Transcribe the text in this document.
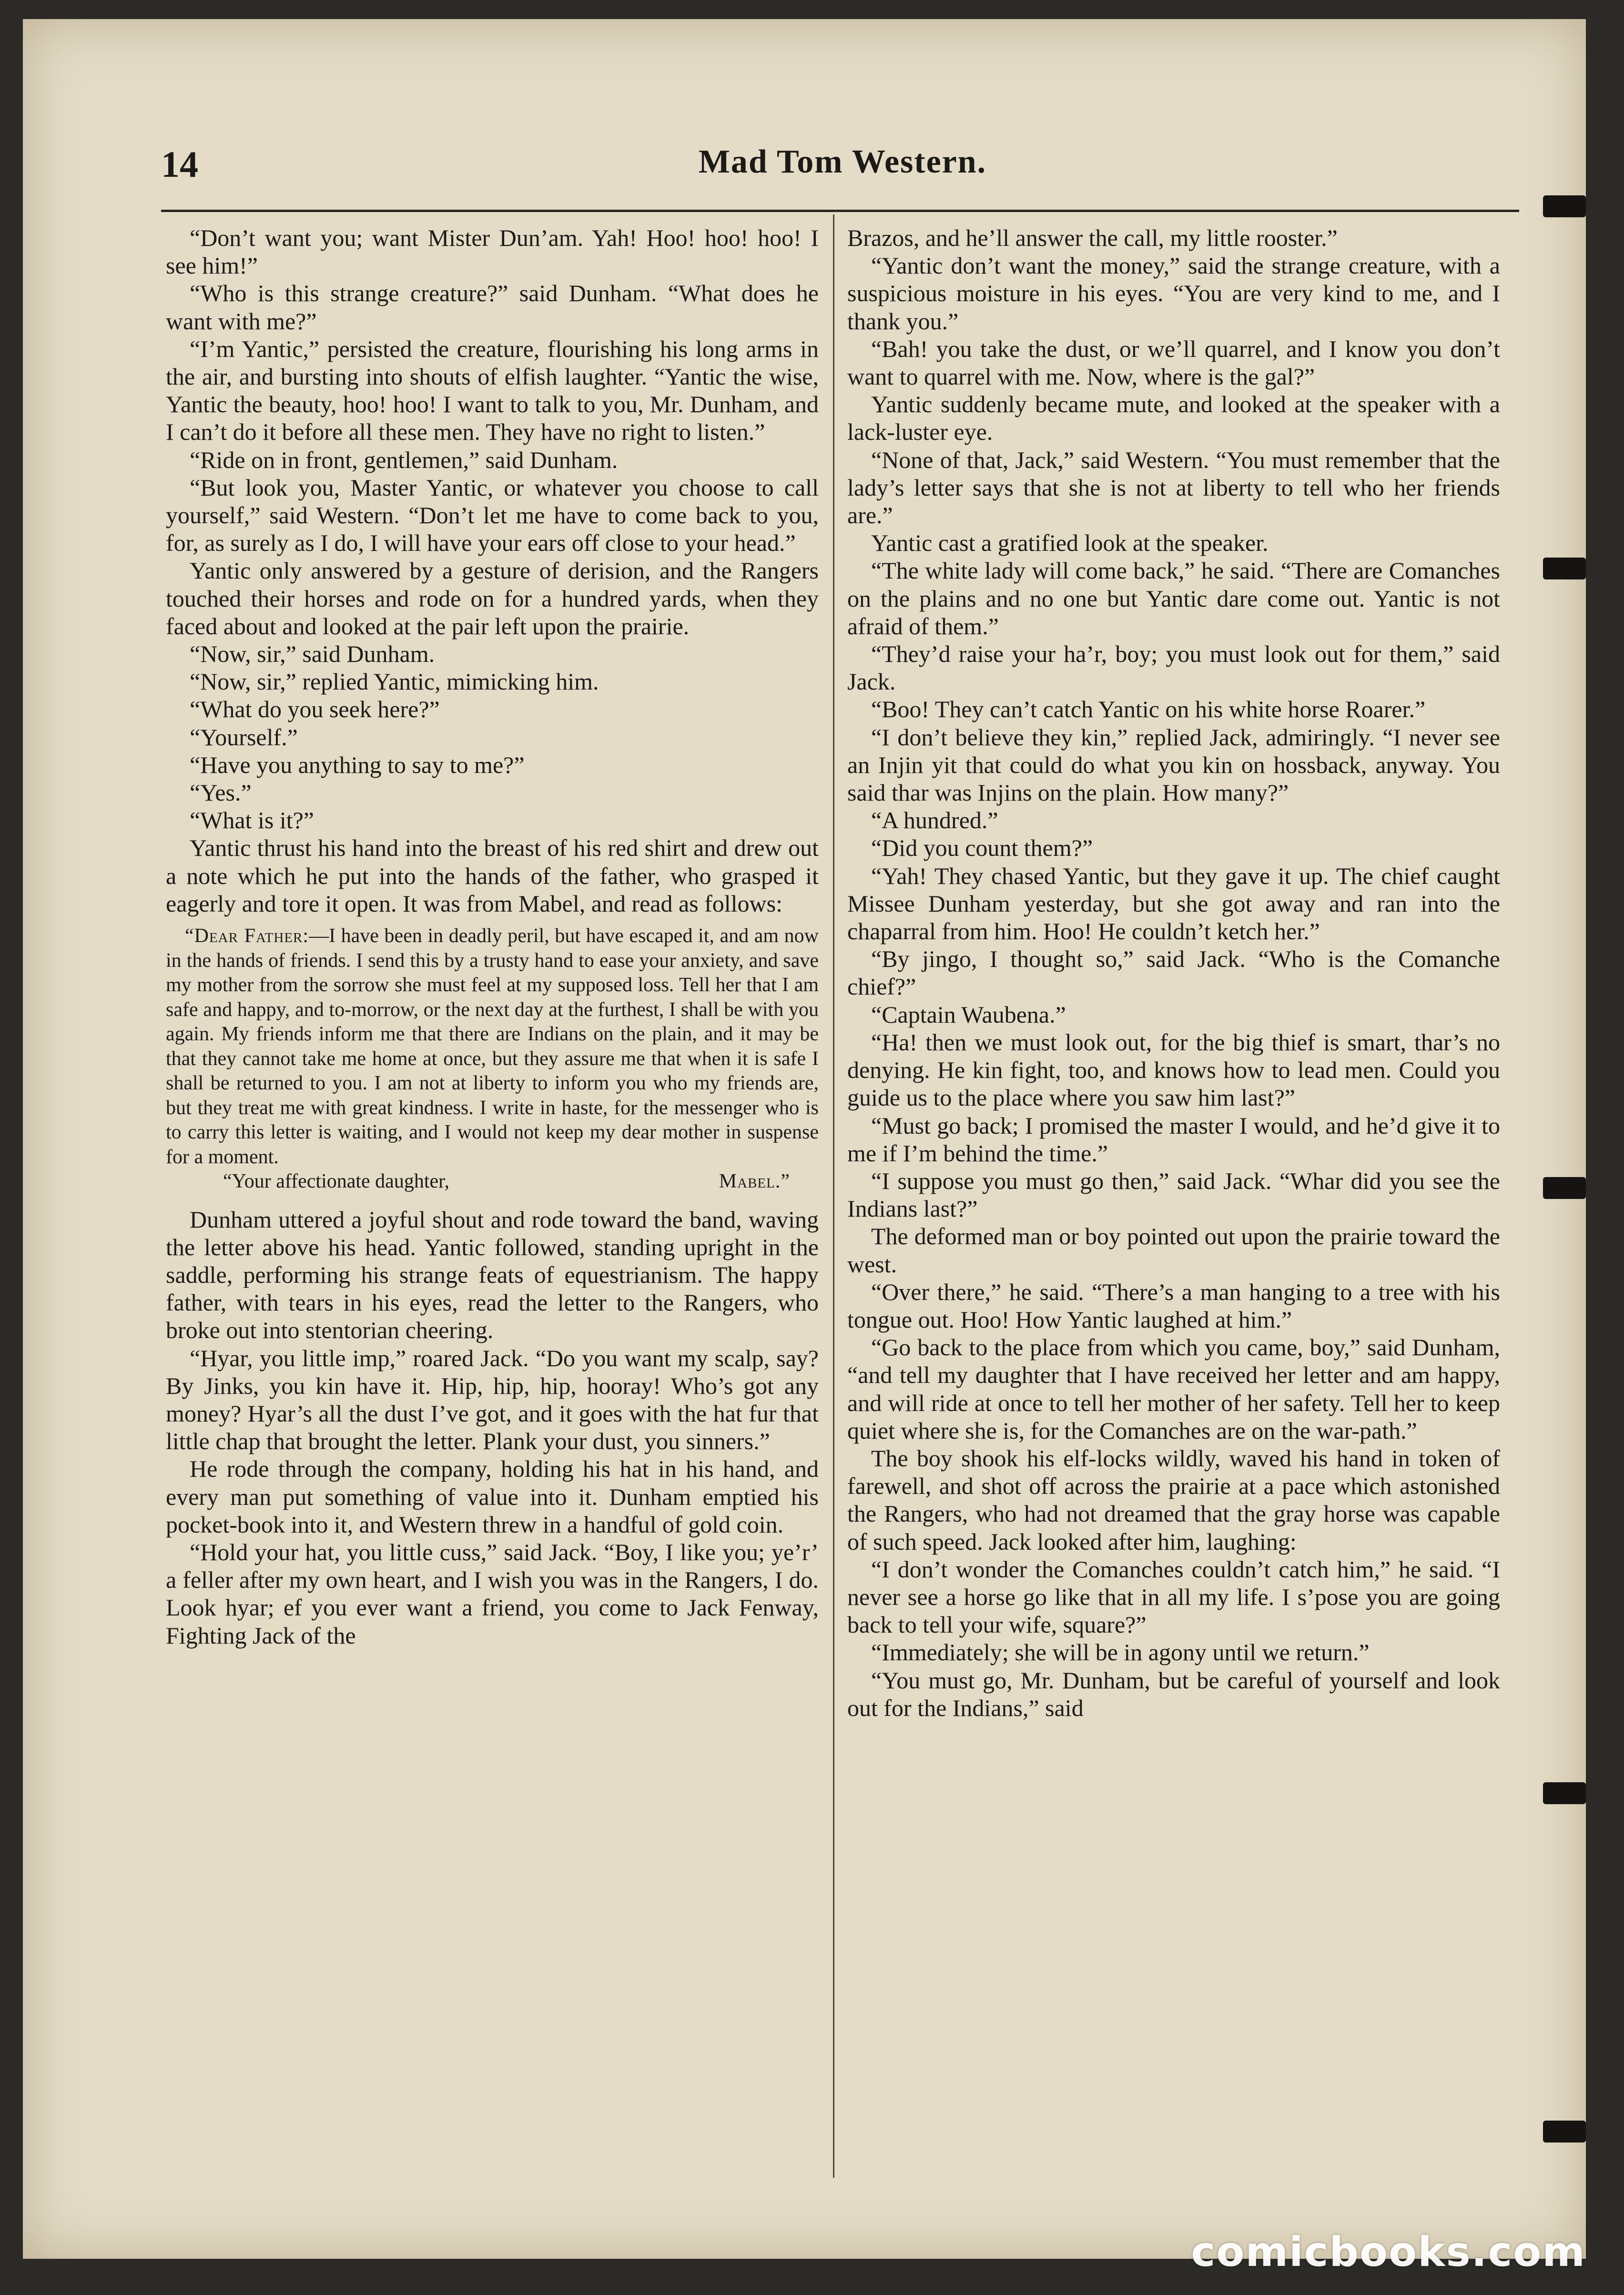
14	Mad Tom Western.

“Don’t want you; want Mister Dun’am. Yah! Hoo! hoo! hoo! I see him!”

“Who is this strange creature?” said Dunham. “What does he want with me?”

“I’m Yantic,” persisted the creature, flourishing his long arms in the air, and bursting into shouts of elfish laughter. “Yantic the wise, Yantic the beauty, hoo! hoo! I want to talk to you, Mr. Dunham, and I can’t do it before all these men. They have no right to listen.”

“Ride on in front, gentlemen,” said Dunham.

“But look you, Master Yantic, or whatever you choose to call yourself,” said Western. “Don’t let me have to come back to you, for, as surely as I do, I will have your ears off close to your head.”

Yantic only answered by a gesture of derision, and the Rangers touched their horses and rode on for a hundred yards, when they faced about and looked at the pair left upon the prairie.

“Now, sir,” said Dunham.

“Now, sir,” replied Yantic, mimicking him.

“What do you seek here?”

“Yourself.”

“Have you anything to say to me?”

“Yes.”

“What is it?”

Yantic thrust his hand into the breast of his red shirt and drew out a note which he put into the hands of the father, who grasped it eagerly and tore it open. It was from Mabel, and read as follows:

“Dear Father:—I have been in deadly peril, but have escaped it, and am now in the hands of friends. I send this by a trusty hand to ease your anxiety, and save my mother from the sorrow she must feel at my supposed loss. Tell her that I am safe and happy, and to-morrow, or the next day at the furthest, I shall be with you again. My friends inform me that there are Indians on the plain, and it may be that they cannot take me home at once, but they assure me that when it is safe I shall be returned to you. I am not at liberty to inform you who my friends are, but they treat me with great kindness. I write in haste, for the messenger who is to carry this letter is waiting, and I would not keep my dear mother in suspense for a moment.

“Your affectionate daughter,	Mabel.”

Dunham uttered a joyful shout and rode toward the band, waving the letter above his head. Yantic followed, standing upright in the saddle, performing his strange feats of equestrianism. The happy father, with tears in his eyes, read the letter to the Rangers, who broke out into stentorian cheering.

“Hyar, you little imp,” roared Jack. “Do you want my scalp, say? By Jinks, you kin have it. Hip, hip, hip, hooray! Who’s got any money? Hyar’s all the dust I’ve got, and it goes with the hat fur that little chap that brought the letter. Plank your dust, you sinners.”

He rode through the company, holding his hat in his hand, and every man put something of value into it. Dunham emptied his pocket-book into it, and Western threw in a handful of gold coin.

“Hold your hat, you little cuss,” said Jack. “Boy, I like you; ye’r’ a feller after my own heart, and I wish you was in the Rangers, I do. Look hyar; ef you ever want a friend, you come to Jack Fenway, Fighting Jack of the

Brazos, and he’ll answer the call, my little rooster.”

“Yantic don’t want the money,” said the strange creature, with a suspicious moisture in his eyes. “You are very kind to me, and I thank you.”

“Bah! you take the dust, or we’ll quarrel, and I know you don’t want to quarrel with me. Now, where is the gal?”

Yantic suddenly became mute, and looked at the speaker with a lack-luster eye.

“None of that, Jack,” said Western. “You must remember that the lady’s letter says that she is not at liberty to tell who her friends are.”

Yantic cast a gratified look at the speaker.

“The white lady will come back,” he said. “There are Comanches on the plains and no one but Yantic dare come out. Yantic is not afraid of them.”

“They’d raise your ha’r, boy; you must look out for them,” said Jack.

“Boo! They can’t catch Yantic on his white horse Roarer.”

“I don’t believe they kin,” replied Jack, admiringly. “I never see an Injin yit that could do what you kin on hossback, anyway. You said thar was Injins on the plain. How many?”

“A hundred.”

“Did you count them?”

“Yah! They chased Yantic, but they gave it up. The chief caught Missee Dunham yesterday, but she got away and ran into the chaparral from him. Hoo! He couldn’t ketch her.”

“By jingo, I thought so,” said Jack. “Who is the Comanche chief?”

“Captain Waubena.”

“Ha! then we must look out, for the big thief is smart, thar’s no denying. He kin fight, too, and knows how to lead men. Could you guide us to the place where you saw him last?”

“Must go back; I promised the master I would, and he’d give it to me if I’m behind the time.”

“I suppose you must go then,” said Jack. “Whar did you see the Indians last?”

The deformed man or boy pointed out upon the prairie toward the west.

“Over there,” he said. “There’s a man hanging to a tree with his tongue out. Hoo! How Yantic laughed at him.”

“Go back to the place from which you came, boy,” said Dunham, “and tell my daughter that I have received her letter and am happy, and will ride at once to tell her mother of her safety. Tell her to keep quiet where she is, for the Comanches are on the war-path.”

The boy shook his elf-locks wildly, waved his hand in token of farewell, and shot off across the prairie at a pace which astonished the Rangers, who had not dreamed that the gray horse was capable of such speed. Jack looked after him, laughing:

“I don’t wonder the Comanches couldn’t catch him,” he said. “I never see a horse go like that in all my life. I s’pose you are going back to tell your wife, square?”

“Immediately; she will be in agony until we return.”

“You must go, Mr. Dunham, but be careful of yourself and look out for the Indians,” said

comicbooks.com
